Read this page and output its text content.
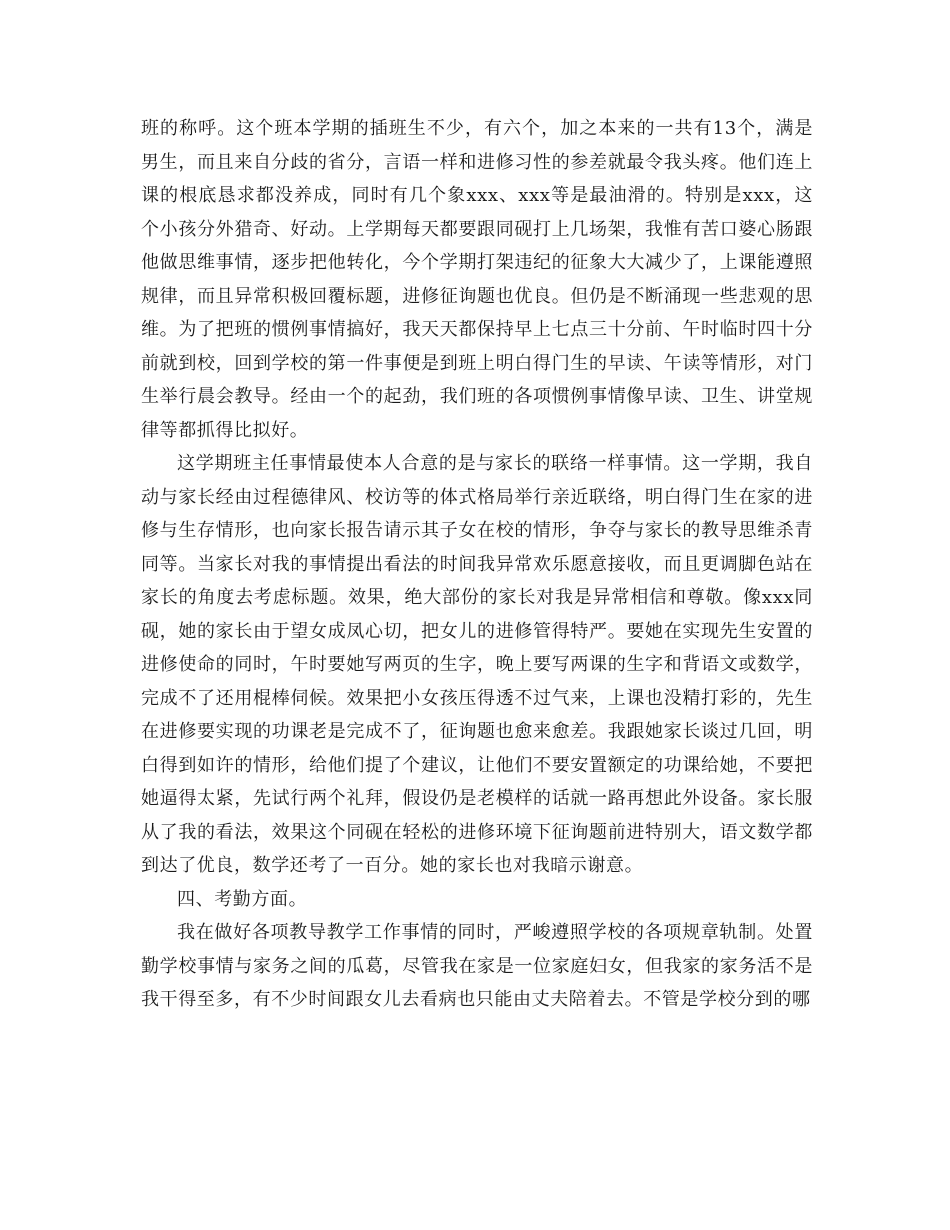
班的称呼。这个班本学期的插班生不少，有六个，加之本来的一共有13个，满是男生，而且来自分歧的省分，言语一样和进修习性的参差就最令我头疼。他们连上课的根底恳求都没养成，同时有几个象xxx、xxx等是最油滑的。特别是xxx，这个小孩分外猎奇、好动。上学期每天都要跟同砚打上几场架，我惟有苦口婆心肠跟他做思维事情，逐步把他转化，今个学期打架违纪的征象大大减少了，上课能遵照规律，而且异常积极回覆标题，进修征询题也优良。但仍是不断涌现一些悲观的思维。为了把班的惯例事情搞好，我天天都保持早上七点三十分前、午时临时四十分前就到校，回到学校的第一件事便是到班上明白得门生的早读、午读等情形，对门生举行晨会教导。经由一个的起劲，我们班的各项惯例事情像早读、卫生、讲堂规律等都抓得比拟好。

这学期班主任事情最使本人合意的是与家长的联络一样事情。这一学期，我自动与家长经由过程德律风、校访等的体式格局举行亲近联络，明白得门生在家的进修与生存情形，也向家长报告请示其子女在校的情形，争夺与家长的教导思维杀青同等。当家长对我的事情提出看法的时间我异常欢乐愿意接收，而且更调脚色站在家长的角度去考虑标题。效果，绝大部份的家长对我是异常相信和尊敬。像xxx同砚，她的家长由于望女成凤心切，把女儿的进修管得特严。要她在实现先生安置的进修使命的同时，午时要她写两页的生字，晚上要写两课的生字和背语文或数学，完成不了还用棍棒伺候。效果把小女孩压得透不过气来，上课也没精打彩的，先生在进修要实现的功课老是完成不了，征询题也愈来愈差。我跟她家长谈过几回，明白得到如许的情形，给他们提了个建议，让他们不要安置额定的功课给她，不要把她逼得太紧，先试行两个礼拜，假设仍是老模样的话就一路再想此外设备。家长服从了我的看法，效果这个同砚在轻松的进修环境下征询题前进特别大，语文数学都到达了优良，数学还考了一百分。她的家长也对我暗示谢意。

四、考勤方面。

我在做好各项教导教学工作事情的同时，严峻遵照学校的各项规章轨制。处置勤学校事情与家务之间的瓜葛，尽管我在家是一位家庭妇女，但我家的家务活不是我干得至多，有不少时间跟女儿去看病也只能由丈夫陪着去。不管是学校分到的哪
